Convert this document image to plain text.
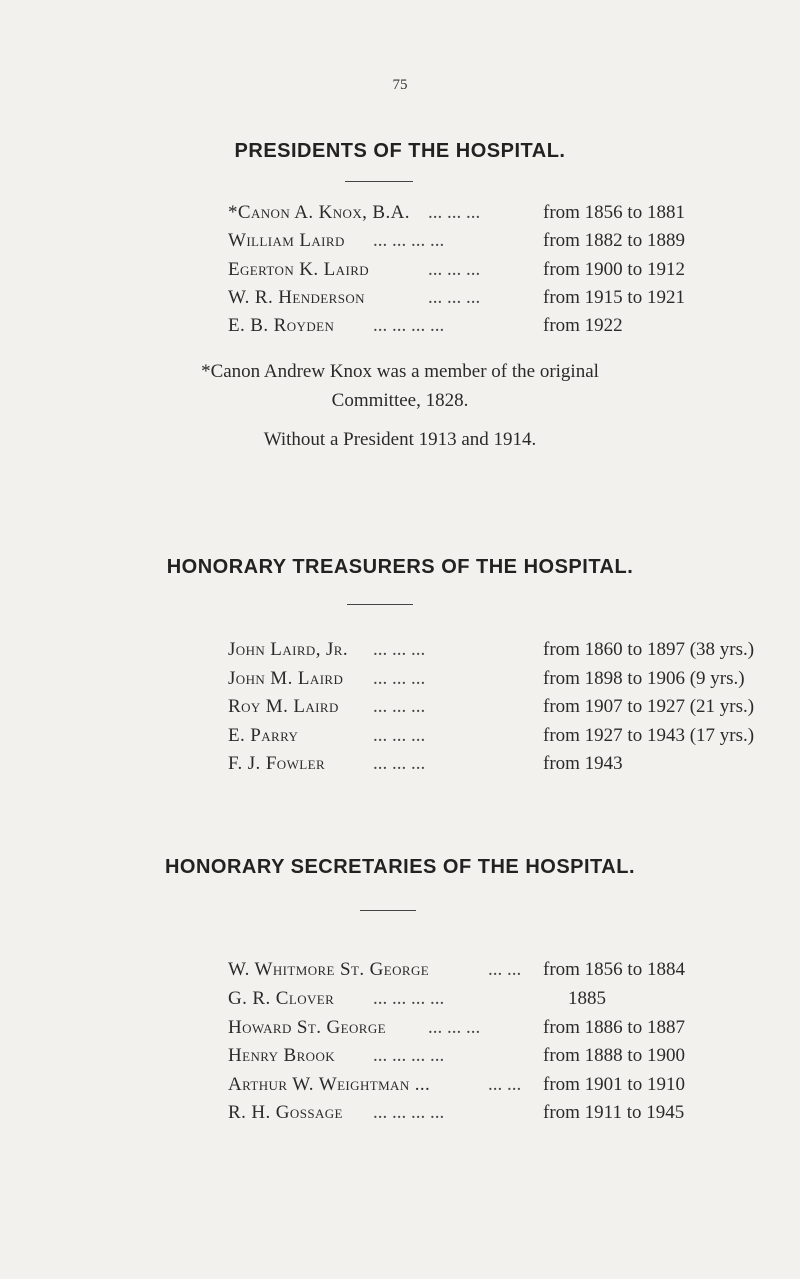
75
PRESIDENTS OF THE HOSPITAL.
*Canon A. Knox, B.A. ... ... ...	from 1856 to 1881
William Laird ... ... ... ...	from 1882 to 1889
Egerton K. Laird	... ... ...	from 1900 to 1912
W. R. Henderson	... ... ...	from 1915 to 1921
E. B. Royden ... ... ... ...	from 1922
*Canon Andrew Knox was a member of the original
Committee, 1828.
Without a President 1913 and 1914.
HONORARY TREASURERS OF THE HOSPITAL.
John Laird, Jr. ... ... ...	from 1860 to 1897 (38 yrs.)
John M. Laird ... ... ...	from 1898 to 1906 (9 yrs.)
Roy M. Laird ... ... ...	from 1907 to 1927 (21 yrs.)
E. Parry	... ... ...	from 1927 to 1943 (17 yrs.)
F. J. Fowler	... ... ...	from 1943
HONORARY SECRETARIES OF THE HOSPITAL.
W. Whitmore St. George	... ... from 1856 to 1884
G. R. Clover ... ... ... ...	1885
Howard St. George ... ... ...	from 1886 to 1887
Henry Brook ... ... ... ...	from 1888 to 1900
Arthur W. Weightman ...	... ... from 1901 to 1910
R. H. Gossage ... ... ... ...	from 1911 to 1945
